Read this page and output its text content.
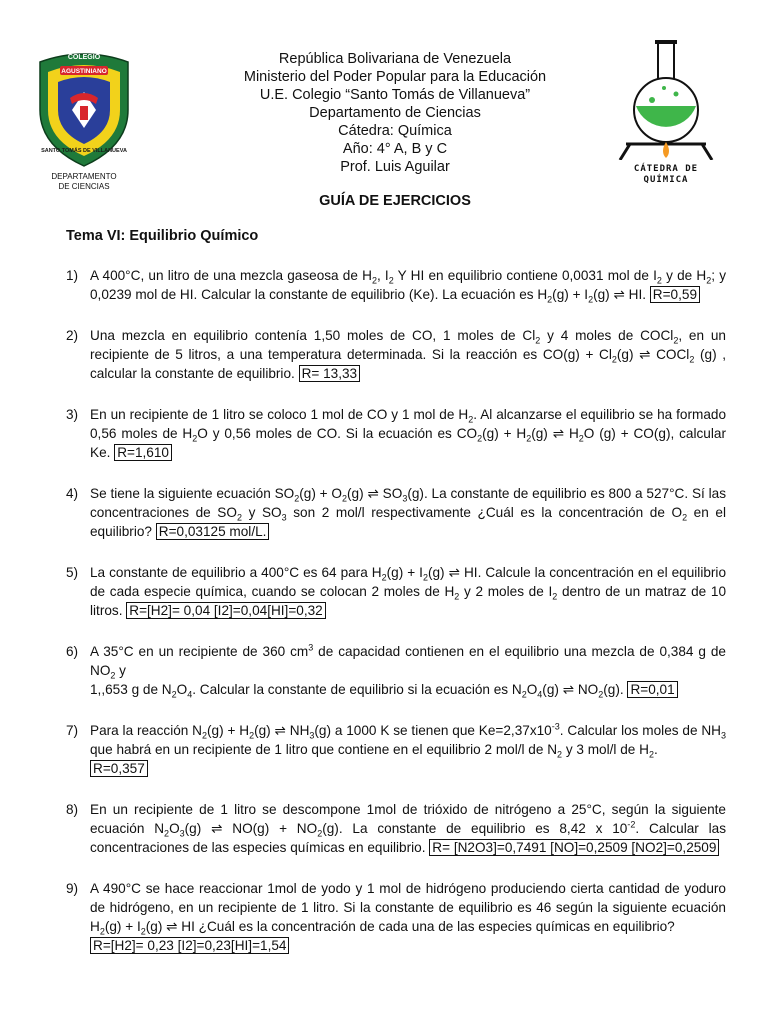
COLEGIO
AGUSTINIANO
SANTO TOMÁS DE VILLANUEVA
DEPARTAMENTO
DE CIENCIAS
República Bolivariana de Venezuela
Ministerio del Poder Popular para la Educación
U.E. Colegio “Santo Tomás de Villanueva”
Departamento de Ciencias
Cátedra: Química
Año: 4° A, B y C
Prof. Luis Aguilar	CÁTEDRA DE
QUÍMICA
GUÍA DE EJERCICIOS
Tema VI: Equilibrio Químico
1) A 400°C, un litro de una mezcla gaseosa de $H_2$, $I_2$ Y HI en equilibrio contiene 0,0031 mol de $I_2$ y de $H_2$; y 0,0239 mol de HI. Calcular la constante de equilibrio (Ke). La ecuación es $H_2(g) + I_2(g)$ ⇌ HI. R=0,59
2) Una mezcla en equilibrio contenía 1,50 moles de CO, 1 moles de $Cl_2$ y 4 moles de COCl$_2$, en un recipiente de 5 litros, a una temperatura determinada. Si la reacción es $CO(g) + Cl_2(g)$ ⇌ COCl$_2$ (g) , calcular la constante de equilibrio. R= 13,33
3) En un recipiente de 1 litro se coloco 1 mol de CO y 1 mol de $H_2$. Al alcanzarse el equilibrio se ha formado 0,56 moles de $H_2O$ y 0,56 moles de CO. Si la ecuación es $CO_2(g) + H_2(g)$ ⇌ $H_2O$ (g) + CO(g), calcular Ke. R=1,610
4) Se tiene la siguiente ecuación $SO_2(g) + O_2(g)$ ⇌ $SO_3(g)$. La constante de equilibrio es 800 a 527°C. Sí las concentraciones de $SO_2$ y $SO_3$ son 2 mol/l respectivamente ¿Cuál es la concentración de $O_2$ en el equilibrio? R=0,03125 mol/L.
5) La constante de equilibrio a 400°C es 64 para $H_2(g) + I_2(g)$ ⇌ HI. Calcule la concentración en el equilibrio de cada especie química, cuando se colocan 2 moles de $H_2$ y 2 moles de $I_2$ dentro de un matraz de 10 litros. R=[H2]= 0,04 [I2]=0,04[HI]=0,32
6) A 35°C en un recipiente de 360 $cm^3$ de capacidad contienen en el equilibrio una mezcla de 0,384 g de $NO_2$ y
1,,653 g de $N_2O_4$. Calcular la constante de equilibrio si la ecuación es $N_2O_4(g)$ ⇌ $NO_2(g)$. R=0,01
7) Para la reacción $N_2(g) + H_2(g)$ ⇌ $NH_3(g)$ a 1000 K se tienen que $Ke=2,37x10^{-3}$. Calcular los moles de $NH_3$ que habrá en un recipiente de 1 litro que contiene en el equilibrio 2 mol/l de $N_2$ y 3 mol/l de $H_2$.
R=0,357
8) En un recipiente de 1 litro se descompone 1mol de trióxido de nitrógeno a 25°C, según la siguiente ecuación $N_2O_3(g)$ ⇌ $NO(g) + NO_2(g)$. La constante de equilibrio es 8,42 x $10^{-2}$. Calcular las concentraciones de las especies químicas en equilibrio. R= [N2O3]=0,7491 [NO]=0,2509 [NO2]=0,2509
9) A 490°C se hace reaccionar 1mol de yodo y 1 mol de hidrógeno produciendo cierta cantidad de yoduro de hidrógeno, en un recipiente de 1 litro. Si la constante de equilibrio es 46 según la siguiente ecuación $H_2(g) + I_2(g)$ ⇌ HI ¿Cuál es la concentración de cada una de las especies químicas en equilibrio?
R=[H2]= 0,23 [I2]=0,23[HI]=1,54
